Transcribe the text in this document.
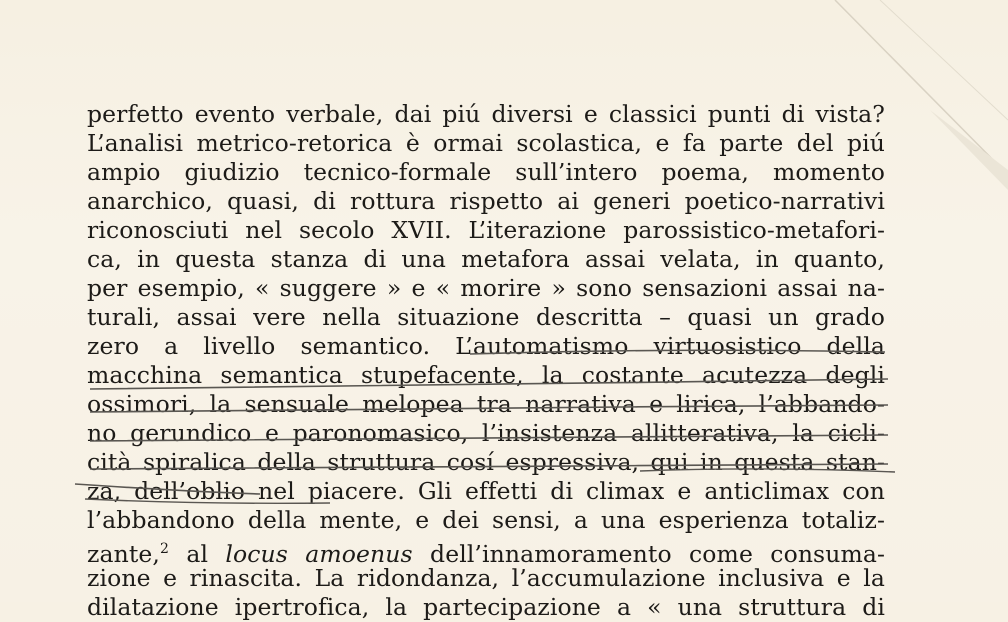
perfetto evento verbale, dai piú diversi e classici punti di vista?
L’analisi metrico-retorica è ormai scolastica, e fa parte del piú
ampio giudizio tecnico-formale sull’intero poema, momento
anarchico, quasi, di rottura rispetto ai generi poetico-narrativi
riconosciuti nel secolo XVII. L’iterazione parossistico-metafori-
ca, in questa stanza di una metafora assai velata, in quanto,
per esempio, « suggere » e « morire » sono sensazioni assai na-
turali, assai vere nella situazione descritta – quasi un grado
zero a livello semantico. L’automatismo virtuosistico della
macchina semantica stupefacente, la costante acutezza degli
ossimori, la sensuale melopea tra narrativa e lirica, l’abbando-
no gerundico e paronomasico, l’insistenza allitterativa, la cicli-
cità spiralica della struttura cosí espressiva, qui in questa stan-
za, dell’oblio nel piacere. Gli effetti di climax e anticlimax con
l’abbandono della mente, e dei sensi, a una esperienza totaliz-
zante,$^2$ al locus amoenus dell’innamoramento come consuma-
zione e rinascita. La ridondanza, l’accumulazione inclusiva e la
dilatazione ipertrofica, la partecipazione a « una struttura di
